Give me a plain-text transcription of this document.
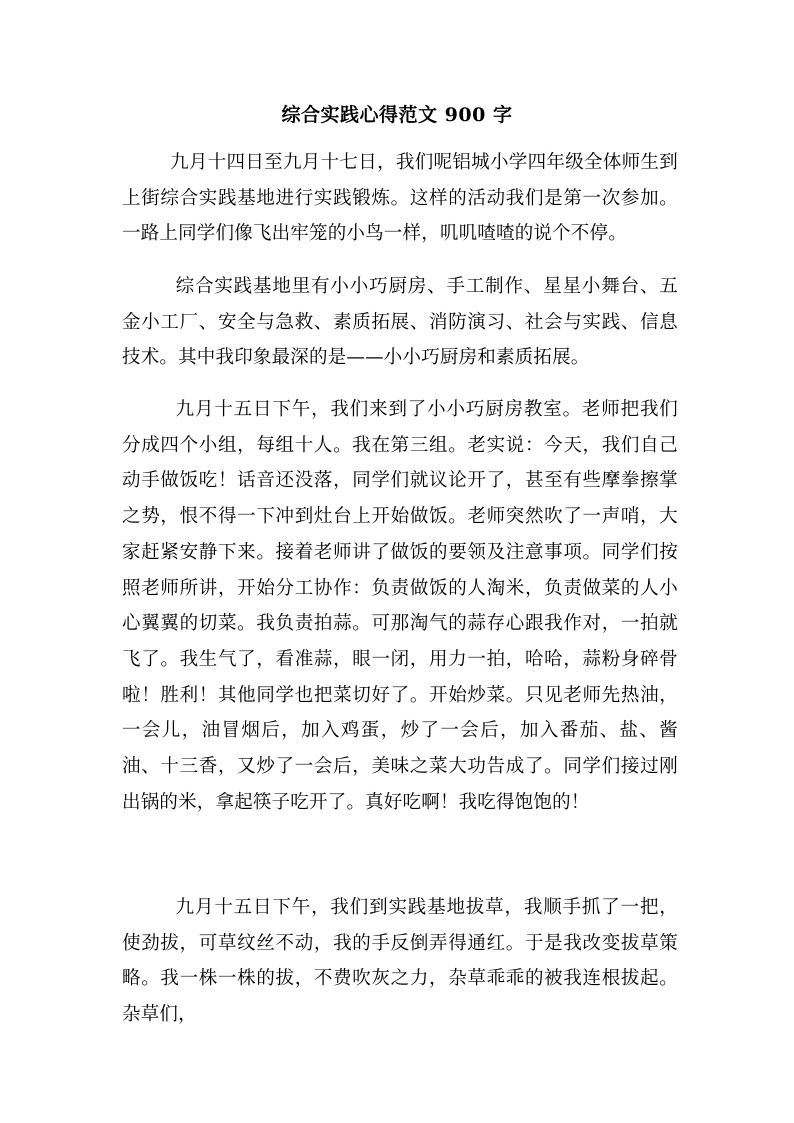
综合实践心得范文 900 字

九月十四日至九月十七日，我们呢铝城小学四年级全体师生到上街综合实践基地进行实践锻炼。这样的活动我们是第一次参加。一路上同学们像飞出牢笼的小鸟一样，叽叽喳喳的说个不停。

综合实践基地里有小小巧厨房、手工制作、星星小舞台、五金小工厂、安全与急救、素质拓展、消防演习、社会与实践、信息技术。其中我印象最深的是——小小巧厨房和素质拓展。

九月十五日下午，我们来到了小小巧厨房教室。老师把我们分成四个小组，每组十人。我在第三组。老实说：今天，我们自己动手做饭吃！话音还没落，同学们就议论开了，甚至有些摩拳擦掌之势，恨不得一下冲到灶台上开始做饭。老师突然吹了一声哨，大家赶紧安静下来。接着老师讲了做饭的要领及注意事项。同学们按照老师所讲，开始分工协作：负责做饭的人淘米，负责做菜的人小心翼翼的切菜。我负责拍蒜。可那淘气的蒜存心跟我作对，一拍就飞了。我生气了，看准蒜，眼一闭，用力一拍，哈哈，蒜粉身碎骨啦！胜利！其他同学也把菜切好了。开始炒菜。只见老师先热油，一会儿，油冒烟后，加入鸡蛋，炒了一会后，加入番茄、盐、酱油、十三香，又炒了一会后，美味之菜大功告成了。同学们接过刚出锅的米，拿起筷子吃开了。真好吃啊！我吃得饱饱的！

九月十五日下午，我们到实践基地拔草，我顺手抓了一把，使劲拔，可草纹丝不动，我的手反倒弄得通红。于是我改变拔草策略。我一株一株的拔，不费吹灰之力，杂草乖乖的被我连根拔起。杂草们，
